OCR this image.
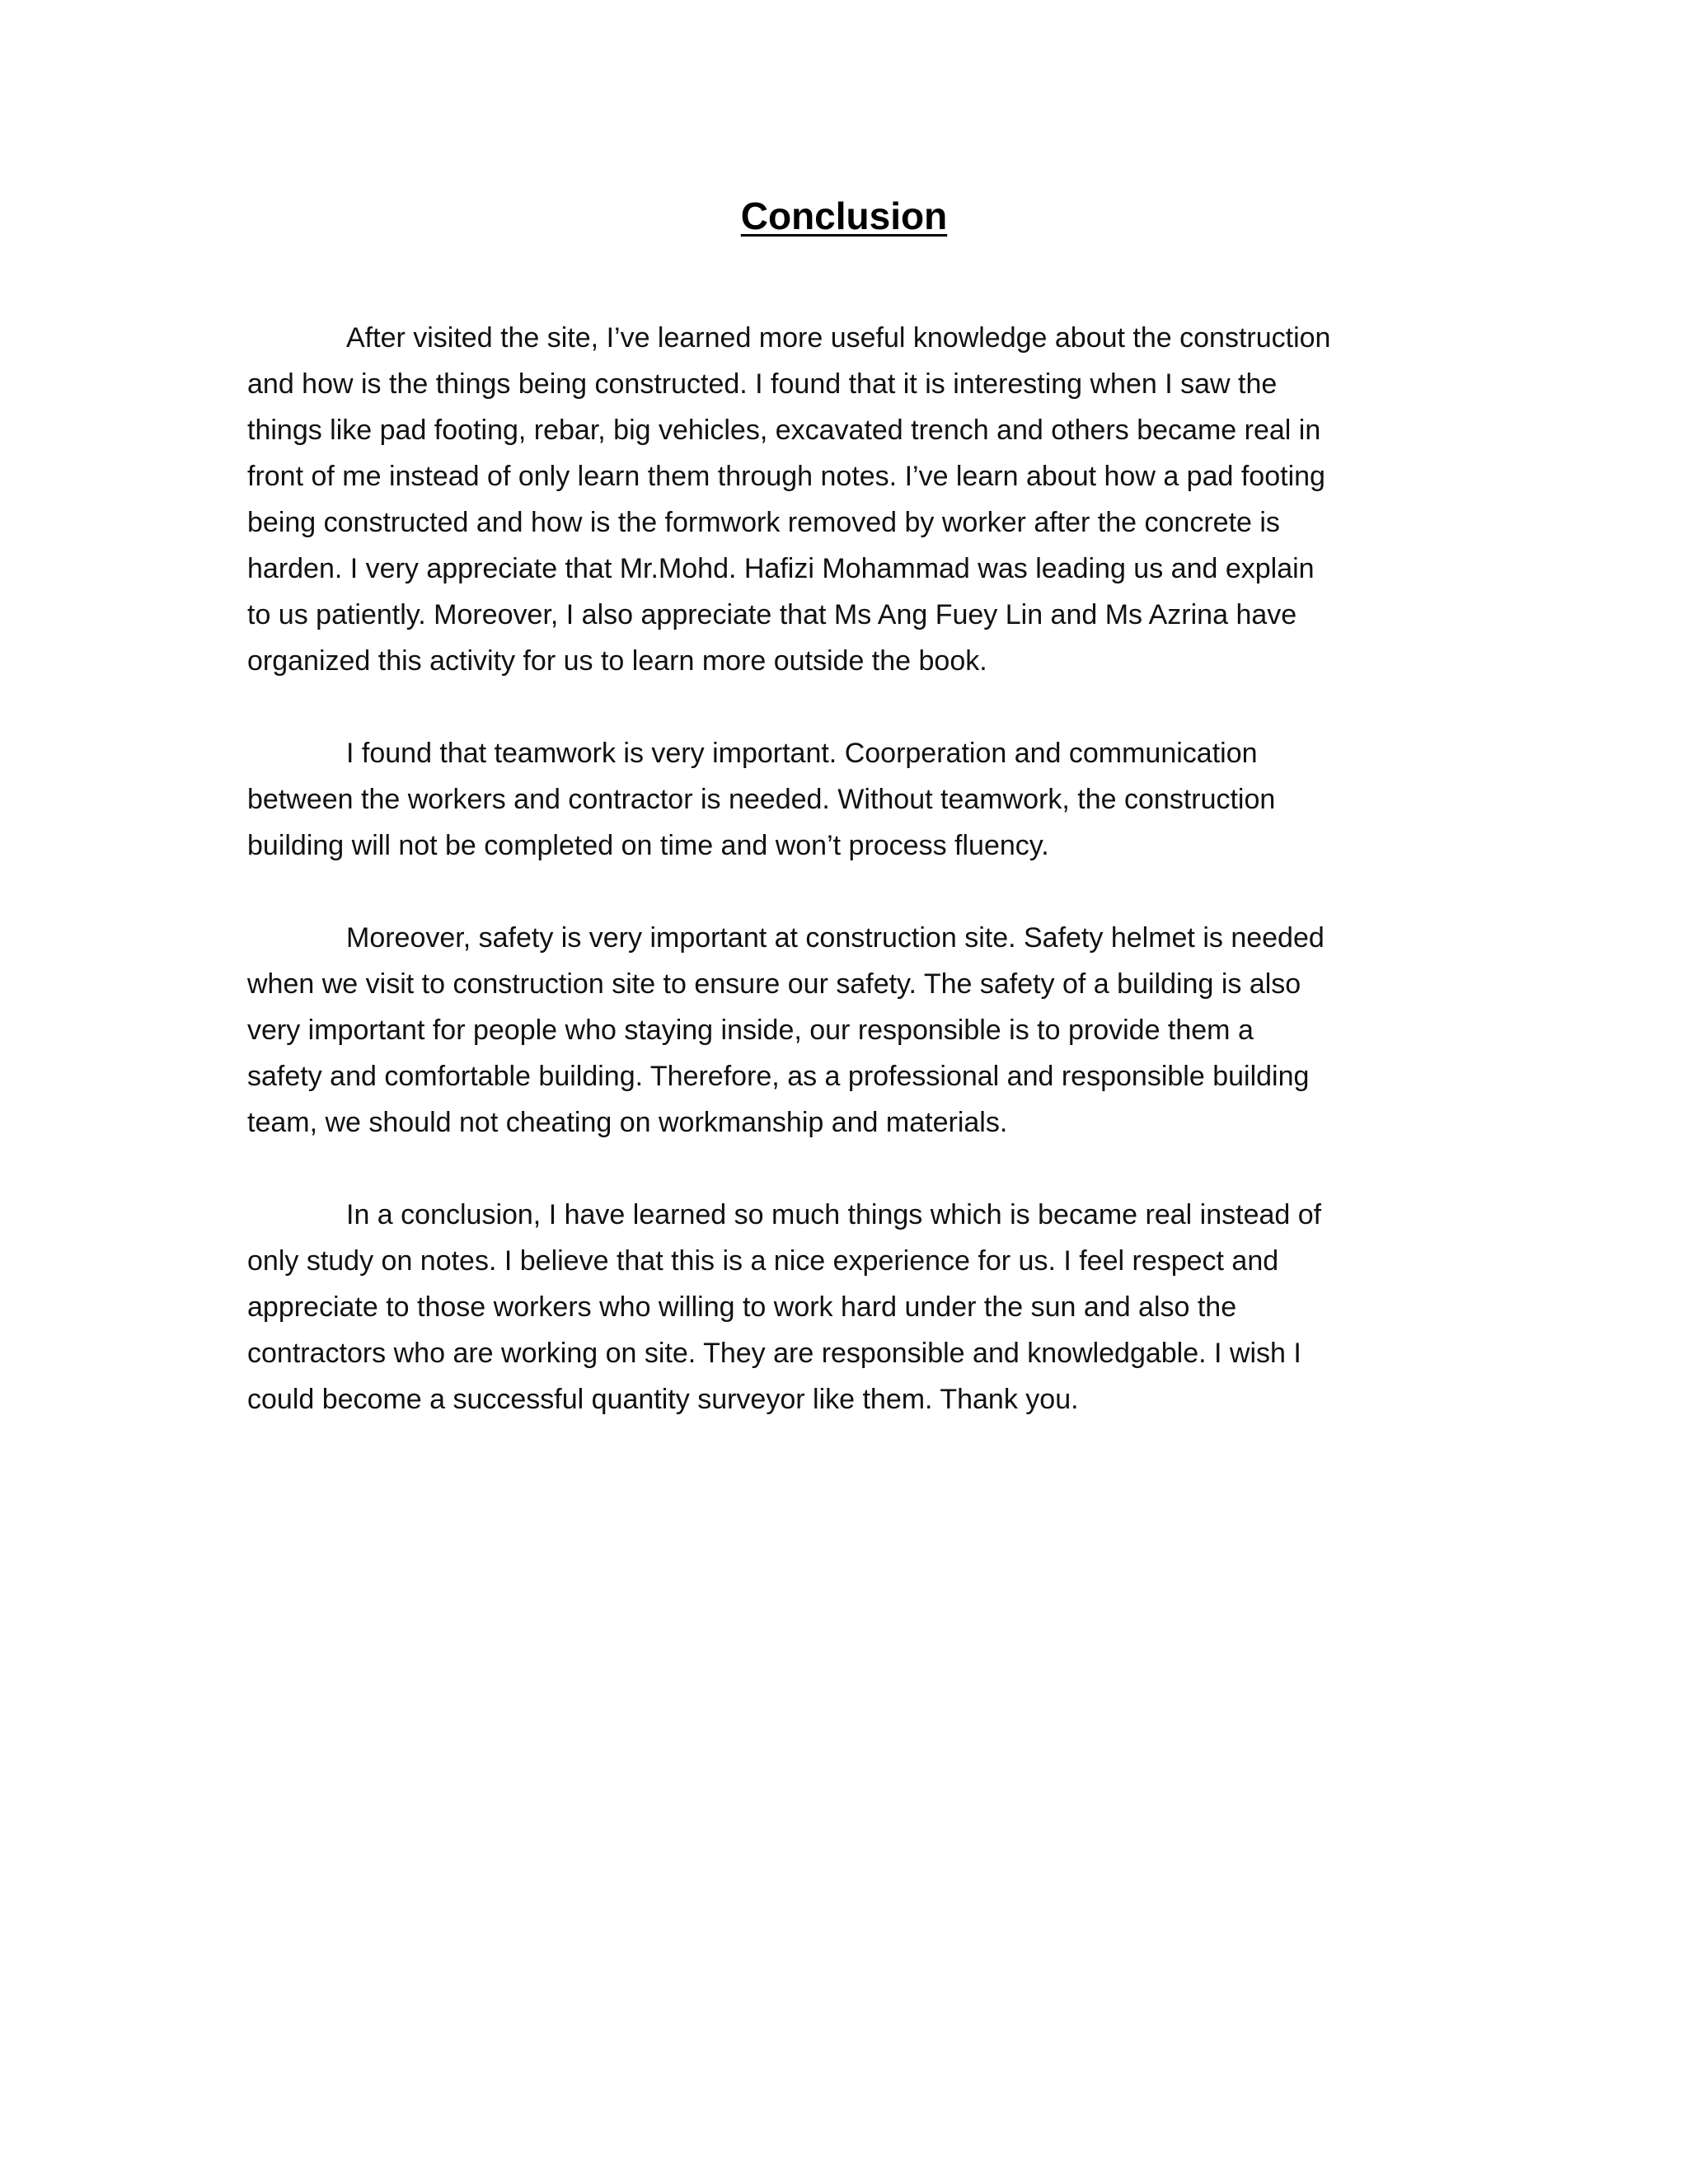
Conclusion
After visited the site, I’ve learned more useful knowledge about the construction
and how is the things being constructed. I found that it is interesting when I saw the
things like pad footing, rebar, big vehicles, excavated trench and others became real in
front of me instead of only learn them through notes. I’ve learn about how a pad footing
being constructed and how is the formwork removed by worker after the concrete is
harden. I very appreciate that Mr.Mohd. Hafizi Mohammad was leading us and explain
to us patiently. Moreover, I also appreciate that Ms Ang Fuey Lin and Ms Azrina have
organized this activity for us to learn more outside the book.
I found that teamwork is very important. Coorperation and communication
between the workers and contractor is needed. Without teamwork, the construction
building will not be completed on time and won’t process fluency.
Moreover, safety is very important at construction site. Safety helmet is needed
when we visit to construction site to ensure our safety. The safety of a building is also
very important for people who staying inside, our responsible is to provide them a
safety and comfortable building. Therefore, as a professional and responsible building
team, we should not cheating on workmanship and materials.
In a conclusion, I have learned so much things which is became real instead of
only study on notes. I believe that this is a nice experience for us. I feel respect and
appreciate to those workers who willing to work hard under the sun and also the
contractors who are working on site. They are responsible and knowledgable. I wish I
could become a successful quantity surveyor like them. Thank you.
